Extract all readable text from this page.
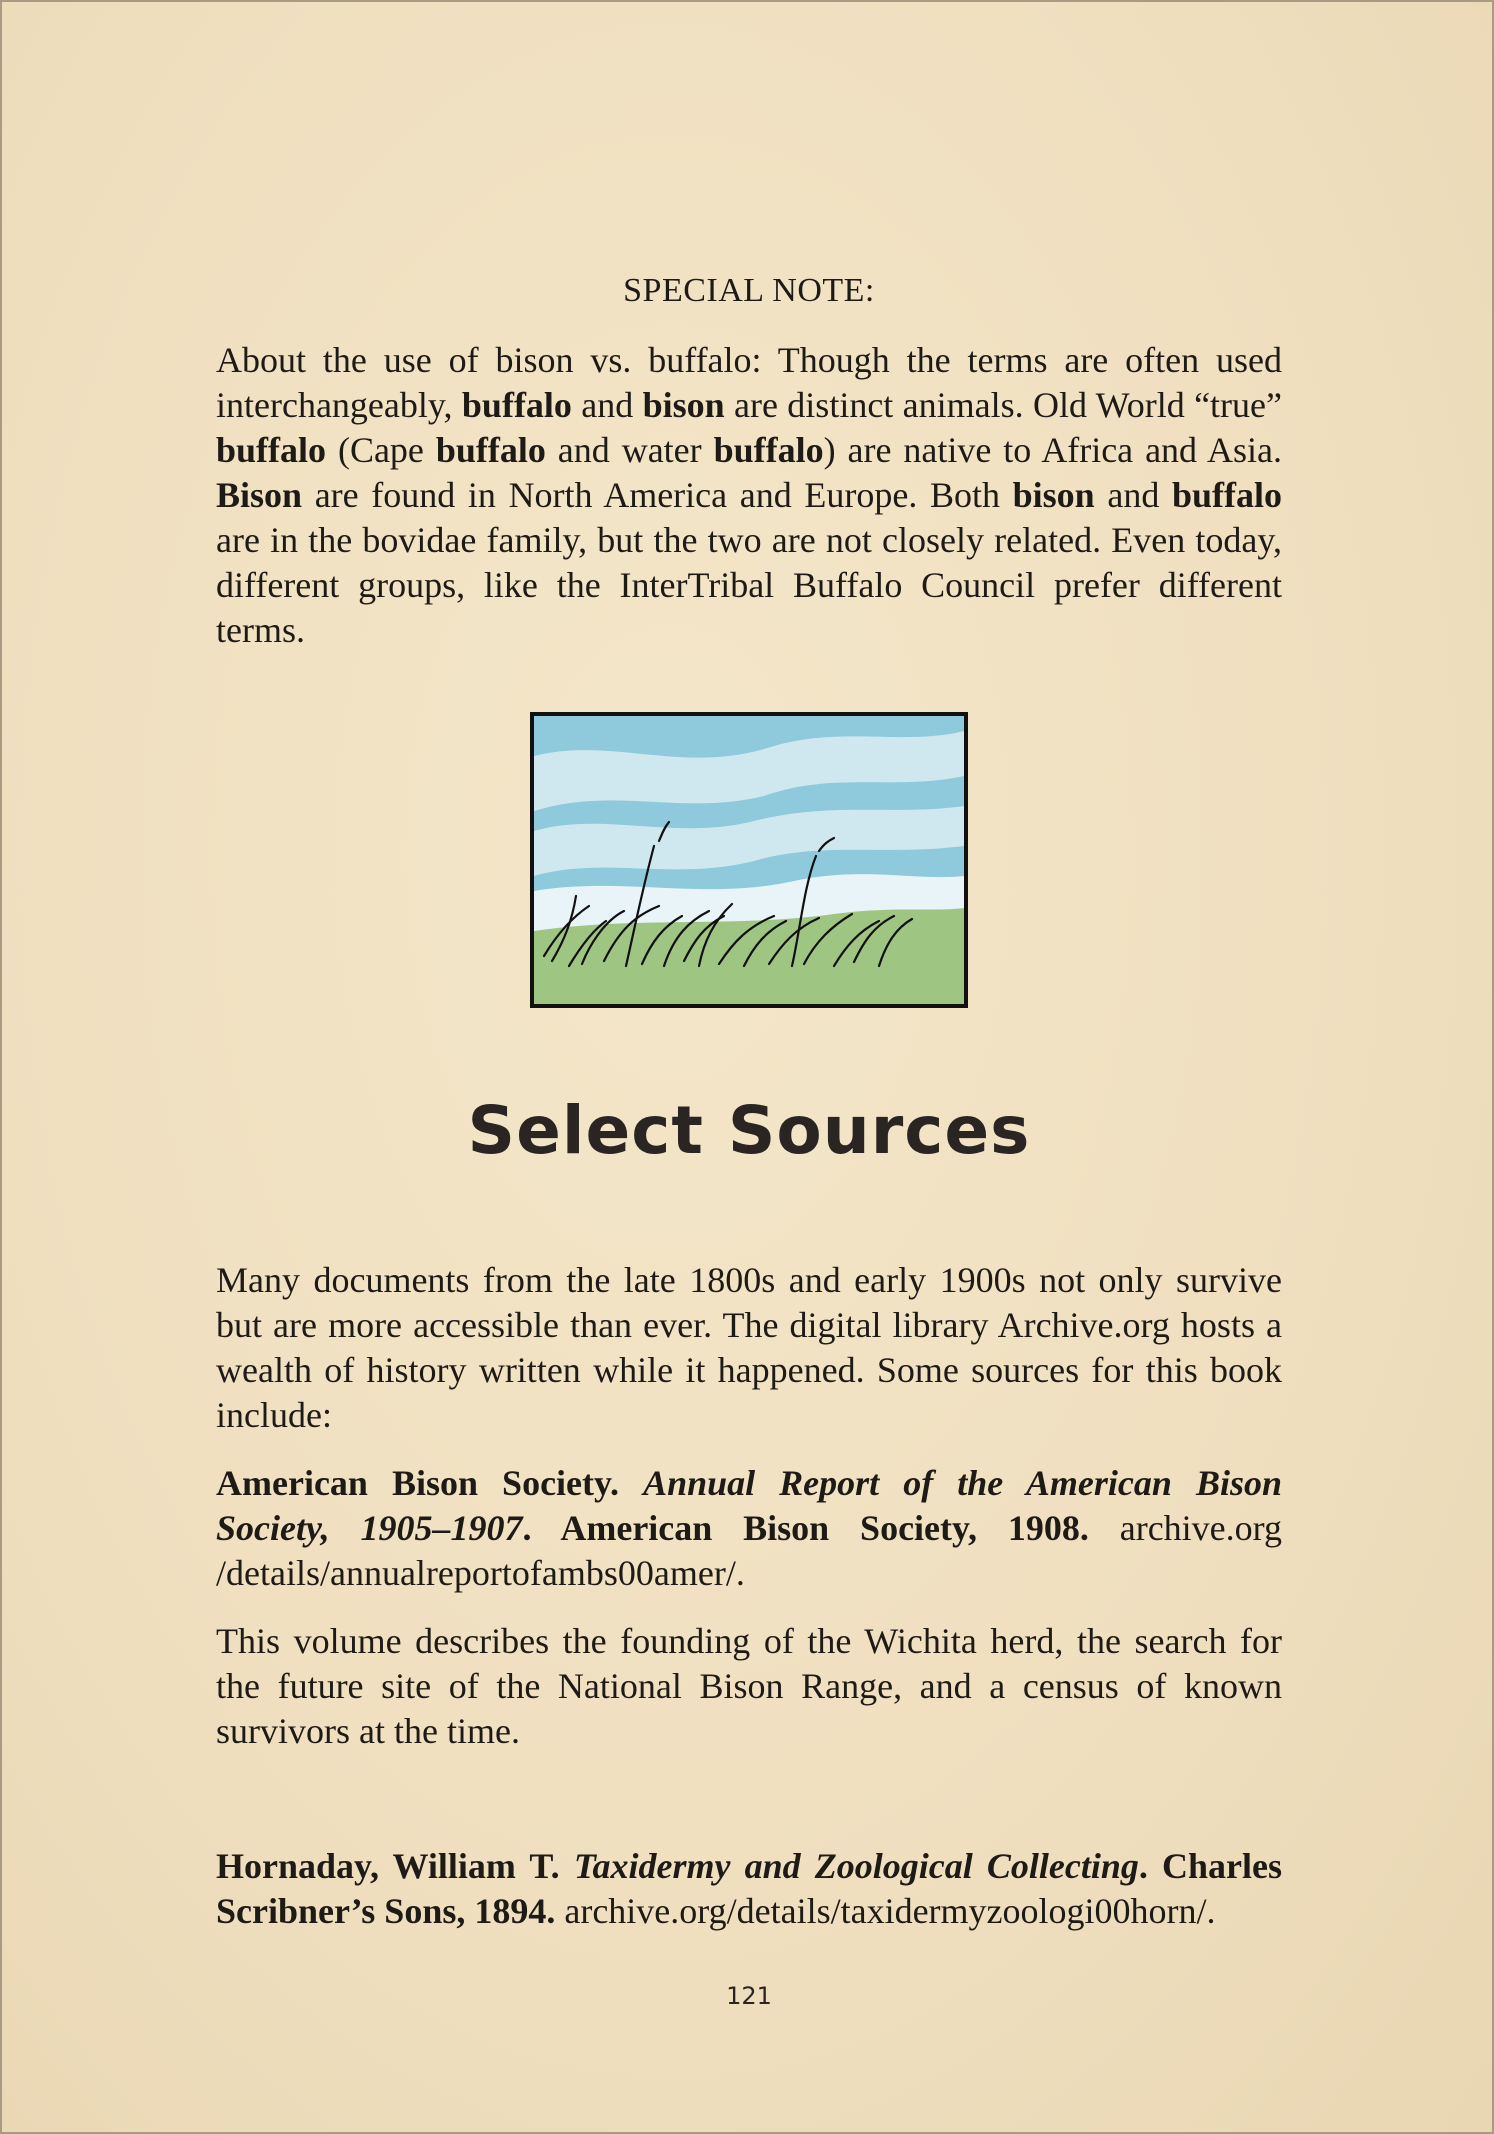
SPECIAL NOTE:

About the use of bison vs. buffalo: Though the terms are often used interchangeably, buffalo and bison are distinct animals. Old World “true” buffalo (Cape buffalo and water buffalo) are native to Africa and Asia. Bison are found in North America and Europe. Both bison and buffalo are in the bovidae family, but the two are not closely related. Even today, different groups, like the InterTribal Buffalo Council prefer different terms.

Select Sources

Many documents from the late 1800s and early 1900s not only survive but are more accessible than ever. The digital library Archive.org hosts a wealth of history written while it happened. Some sources for this book include:

American Bison Society. Annual Report of the American Bison Society, 1905–1907. American Bison Society, 1908. archive.org /details/annualreportofambs00amer/.

This volume describes the founding of the Wichita herd, the search for the future site of the National Bison Range, and a census of known survivors at the time.

Hornaday, William T. Taxidermy and Zoological Collecting. Charles Scribner’s Sons, 1894. archive.org/details/taxidermyzoologi00horn/.

121
